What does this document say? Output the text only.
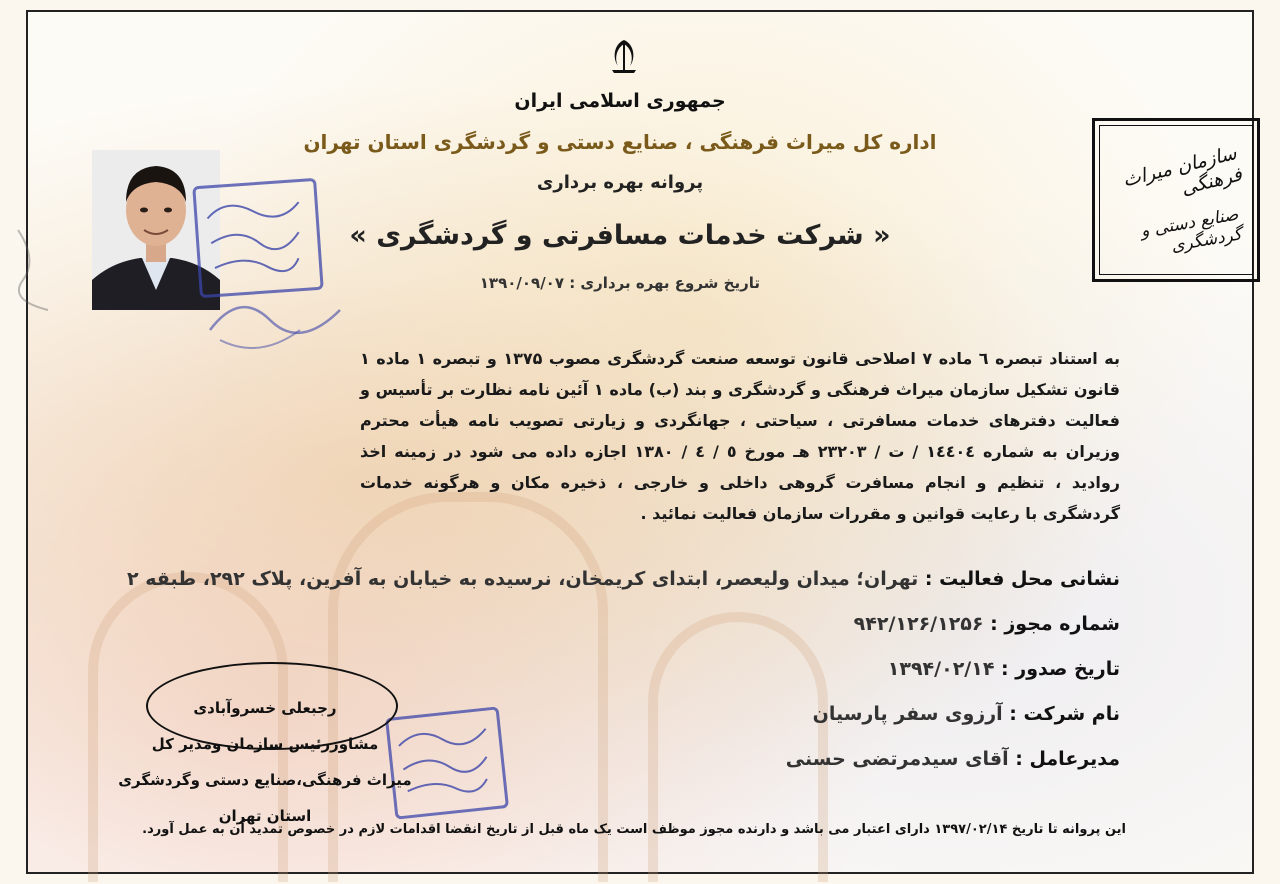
جمهوری اسلامی ایران
اداره کل میراث فرهنگی ، صنایع دستی و گردشگری استان تهران
پروانه بهره برداری
« شرکت خدمات مسافرتی و گردشگری »
تاریخ شروع بهره برداری : ۱۳۹۰/۰۹/۰۷
سازمان میراث فرهنگی
صنایع دستی و گردشگری
به استناد تبصره ٦ ماده ٧ اصلاحی قانون توسعه صنعت گردشگری مصوب ۱۳۷۵ و تبصره ۱ ماده ۱ قانون تشکیل سازمان میراث فرهنگی و گردشگری و بند (ب) ماده ۱ آئین نامه نظارت بر تأسیس و فعالیت دفترهای خدمات مسافرتی ، سیاحتی ، جهانگردی و زیارتی تصویب نامه هیأت محترم وزیران به شماره ١٤٤٠٤ / ت / ٢٣٢٠٣ هـ مورخ ٥ / ٤ / ١٣٨٠ اجازه داده می شود در زمینه اخذ روادید ، تنظیم و انجام مسافرت گروهی داخلی و خارجی ، ذخیره مکان و هرگونه خدمات گردشگری با رعایت قوانین و مقررات سازمان فعالیت نمائید .
نشانی محل فعالیت : تهران؛ میدان ولیعصر، ابتدای کریمخان، نرسیده به خیابان به آفرین، پلاک ۲۹۲، طبقه ۲
شماره مجوز : ۹۴۲/۱۲۶/۱۲۵۶
تاریخ صدور : ۱۳۹۴/۰۲/۱۴
نام شرکت : آرزوی سفر پارسیان
مدیرعامل : آقای سیدمرتضی حسنی
رجبعلی خسروآبادی
مشاوررئیس سازمان ومدیر کل
میراث فرهنگی،صنایع دستی وگردشگری استان تهران
این پروانه تا تاریخ ۱۳۹۷/۰۲/۱۴ دارای اعتبار می باشد و دارنده مجوز موظف است یک ماه قبل از تاریخ انقضا اقدامات لازم در خصوص تمدید آن به عمل آورد.
